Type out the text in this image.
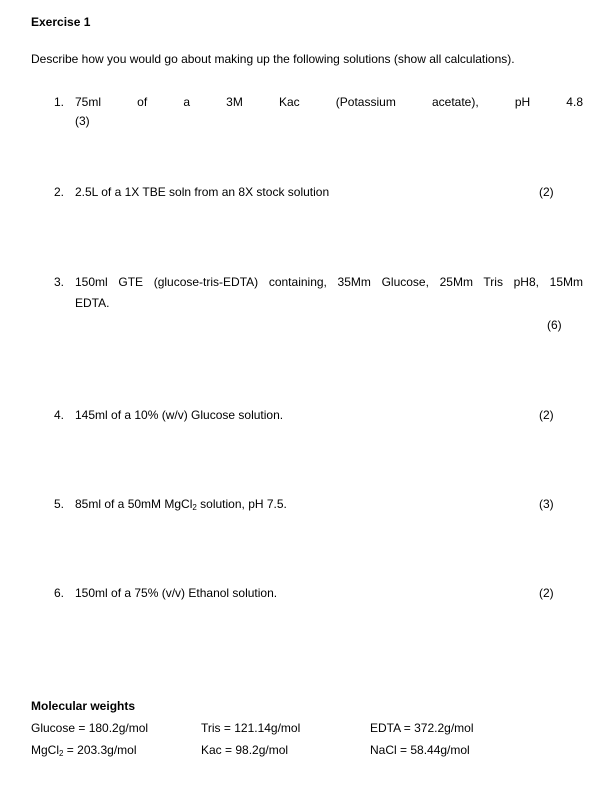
Exercise 1
Describe how you would go about making up the following solutions (show all calculations).
1. 75ml of a 3M Kac (Potassium acetate), pH 4.8
(3)
2. 2.5L of a 1X TBE soln from an 8X stock solution	(2)
3. 150ml GTE (glucose-tris-EDTA) containing, 35Mm Glucose, 25Mm Tris pH8, 15Mm
EDTA.
(6)
4. 145ml of a 10% (w/v) Glucose solution.	(2)
5. 85ml of a 50mM MgCl$_2$ solution, pH 7.5.	(3)
6. 150ml of a 75% (v/v) Ethanol solution.	(2)
Molecular weights
Glucose = 180.2g/mol	Tris = 121.14g/mol	EDTA = 372.2g/mol
MgCl$_2$ = 203.3g/mol	Kac = 98.2g/mol	NaCl = 58.44g/mol
